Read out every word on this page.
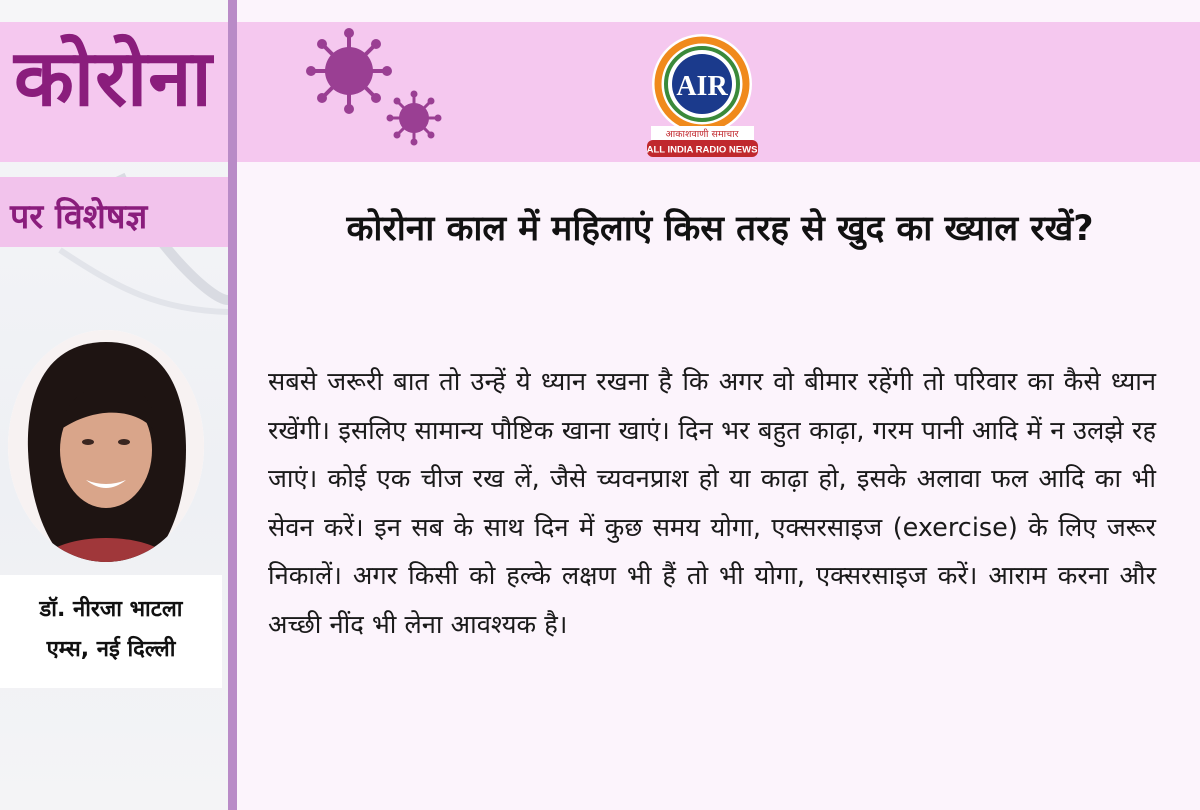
कोरोना
पर विशेषज्ञ
AIR
आकाशवाणी समाचार
ALL INDIA RADIO NEWS
कोरोना काल में महिलाएं किस तरह से खुद का ख्याल रखें?
सबसे जरूरी बात तो उन्हें ये ध्यान रखना है कि अगर वो बीमार रहेंगी तो परिवार का कैसे ध्यान रखेंगी। इसलिए सामान्य पौष्टिक खाना खाएं। दिन भर बहुत काढ़ा, गरम पानी आदि में न उलझे रह जाएं। कोई एक चीज रख लें, जैसे च्यवनप्राश हो या काढ़ा हो, इसके अलावा फल आदि का भी सेवन करें। इन सब के साथ दिन में कुछ समय योगा, एक्सरसाइज (exercise) के लिए जरूर निकालें। अगर किसी को हल्के लक्षण भी हैं तो भी योगा, एक्सरसाइज करें। आराम करना और अच्छी नींद भी लेना आवश्यक है।
डॉ. नीरजा भाटला
एम्स, नई दिल्ली
